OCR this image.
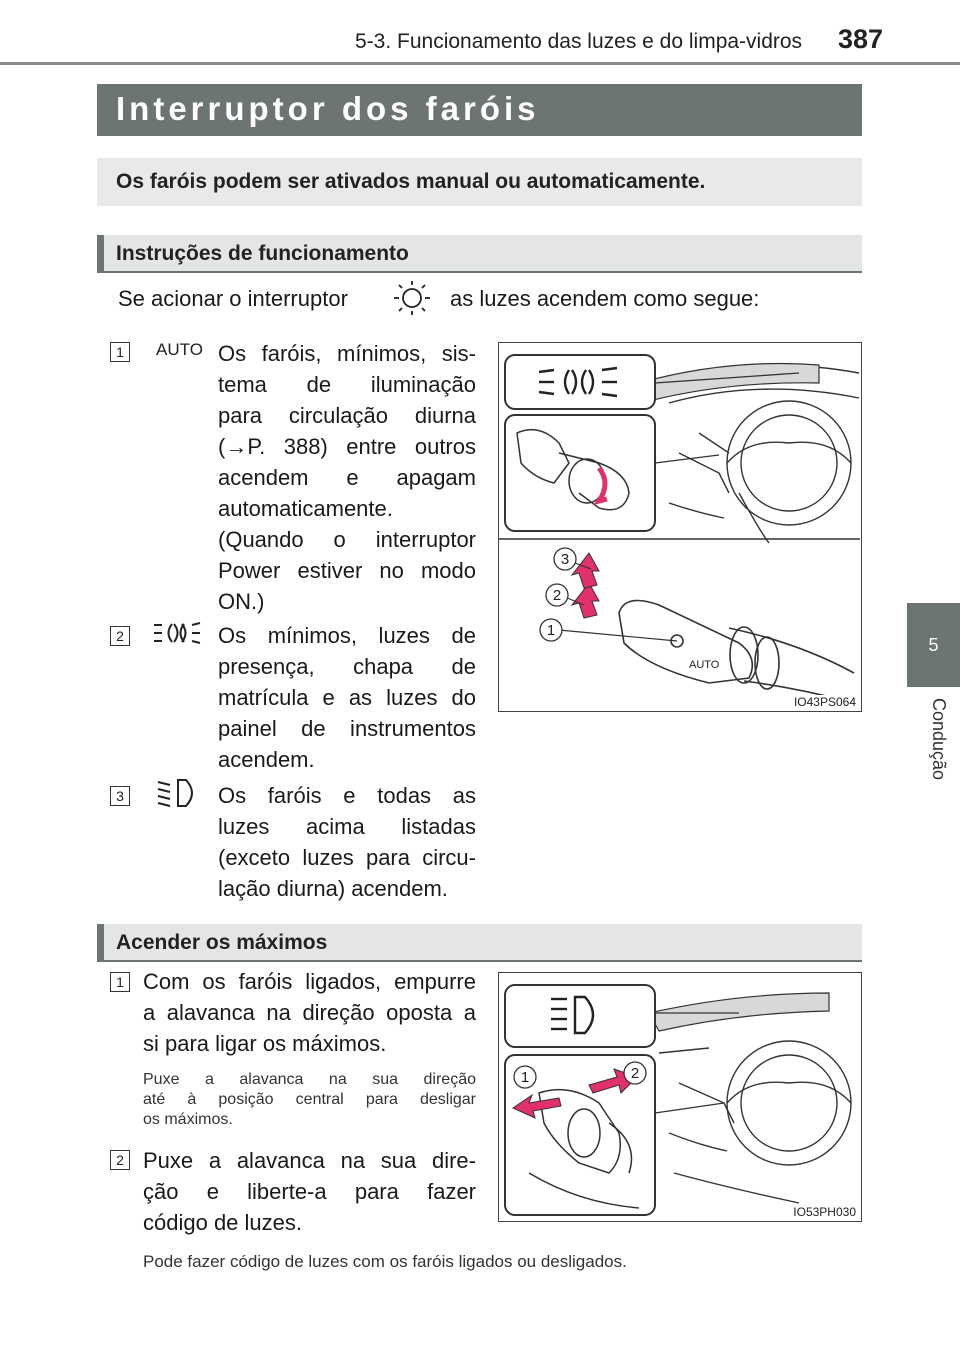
5-3. Funcionamento das luzes e do limpa-vidros 387
5
Condução
Interruptor dos faróis
Os faróis podem ser ativados manual ou automaticamente.
Instruções de funcionamento
Se acionar o interruptor	as luzes acendem como segue:
1	AUTO Os faróis, mínimos, sis-
tema de iluminação
para circulação diurna
(→P. 388) entre outros
acendem e apagam
automaticamente.
(Quando o interruptor
Power estiver no modo
ON.)
2	Os mínimos, luzes de
presença, chapa de
matrícula e as luzes do
painel de instrumentos
acendem.
3	Os faróis e todas as
luzes acima listadas
(exceto luzes para circu-
lação diurna) acendem.
AUTO
1
2
3
IO43PS064
Acender os máximos
1 Com os faróis ligados, empurre
a alavanca na direção oposta a
si para ligar os máximos.
Puxe a alavanca na sua direção
até à posição central para desligar
os máximos.
2 Puxe a alavanca na sua dire-
ção e liberte-a para fazer
código de luzes.
Pode fazer código de luzes com os faróis ligados ou desligados.
1	2
IO53PH030
